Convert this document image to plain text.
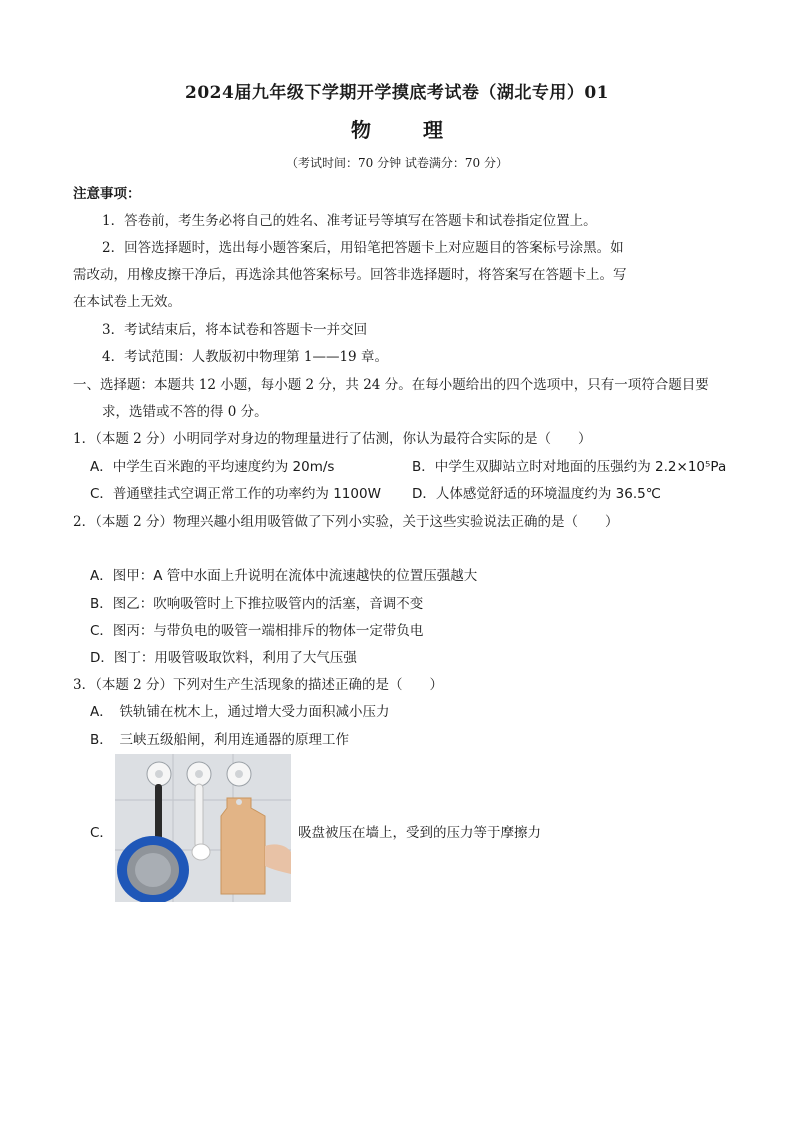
2024届九年级下学期开学摸底考试卷（湖北专用）01
物理
（考试时间：70 分钟 试卷满分：70 分）
注意事项：
1．答卷前，考生务必将自己的姓名、准考证号等填写在答题卡和试卷指定位置上。
2．回答选择题时，选出每小题答案后，用铅笔把答题卡上对应题目的答案标号涂黑。如
需改动，用橡皮擦干净后，再选涂其他答案标号。回答非选择题时，将答案写在答题卡上。写
在本试卷上无效。
3．考试结束后，将本试卷和答题卡一并交回
4．考试范围：人教版初中物理第 1——19 章。
一、选择题：本题共 12 小题，每小题 2 分，共 24 分。在每小题给出的四个选项中，只有一项符合题目要
求，选错或不答的得 0 分。
1．（本题 2 分）小明同学对身边的物理量进行了估测，你认为最符合实际的是（　　）
A．中学生百米跑的平均速度约为 20m/s	B．中学生双脚站立时对地面的压强约为 2.2×10⁵Pa
C．普通壁挂式空调正常工作的功率约为 1100W D．人体感觉舒适的环境温度约为 36.5℃
2．（本题 2 分）物理兴趣小组用吸管做了下列小实验，关于这些实验说法正确的是（　　）
A．图甲：A 管中水面上升说明在流体中流速越快的位置压强越大
B．图乙：吹响吸管时上下推拉吸管内的活塞，音调不变
C．图丙：与带负电的吸管一端相排斥的物体一定带负电
D．图丁：用吸管吸取饮料，利用了大气压强
3．（本题 2 分）下列对生产生活现象的描述正确的是（　　）
A．　铁轨铺在枕木上，通过增大受力面积减小压力
B．　三峡五级船闸，利用连通器的原理工作
C．	吸盘被压在墙上，受到的压力等于摩擦力
